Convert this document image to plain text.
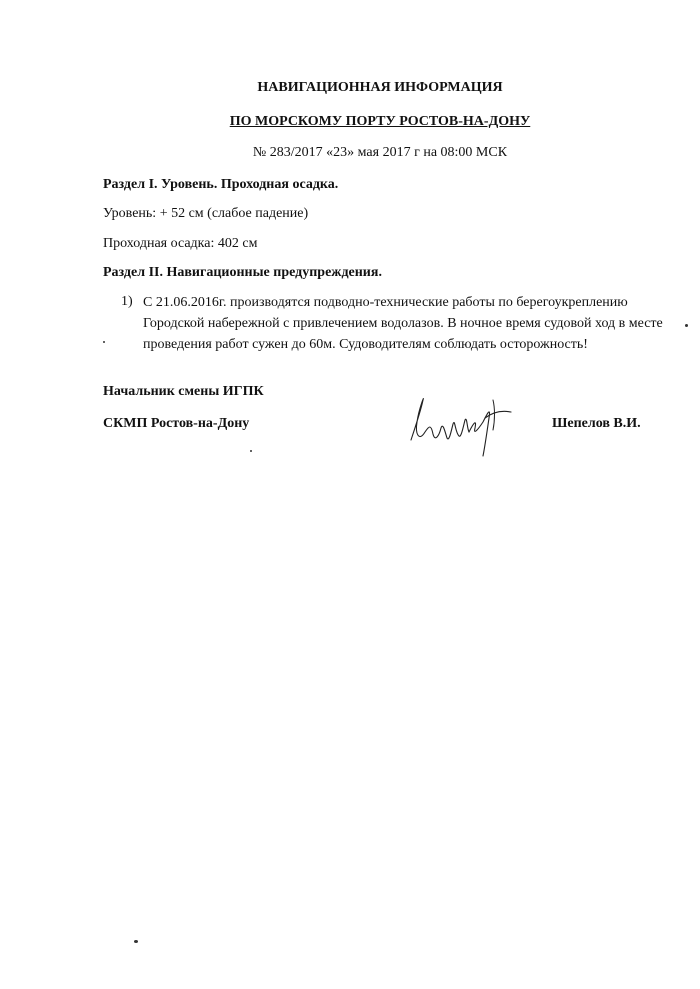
НАВИГАЦИОННАЯ ИНФОРМАЦИЯ
ПО МОРСКОМУ ПОРТУ РОСТОВ-НА-ДОНУ
№ 283/2017 «23» мая 2017 г на 08:00 МСК
Раздел I. Уровень. Проходная осадка.
Уровень: + 52 см (слабое падение)
Проходная осадка: 402 см
Раздел II. Навигационные предупреждения.
1) С 21.06.2016г. производятся подводно-технические работы по берегоукреплению Городской набережной с привлечением водолазов. В ночное время судовой ход в месте проведения работ сужен до 60м. Судоводителям соблюдать осторожность!
Начальник смены ИГПК
СКМП Ростов-на-Дону	Шепелов В.И.
